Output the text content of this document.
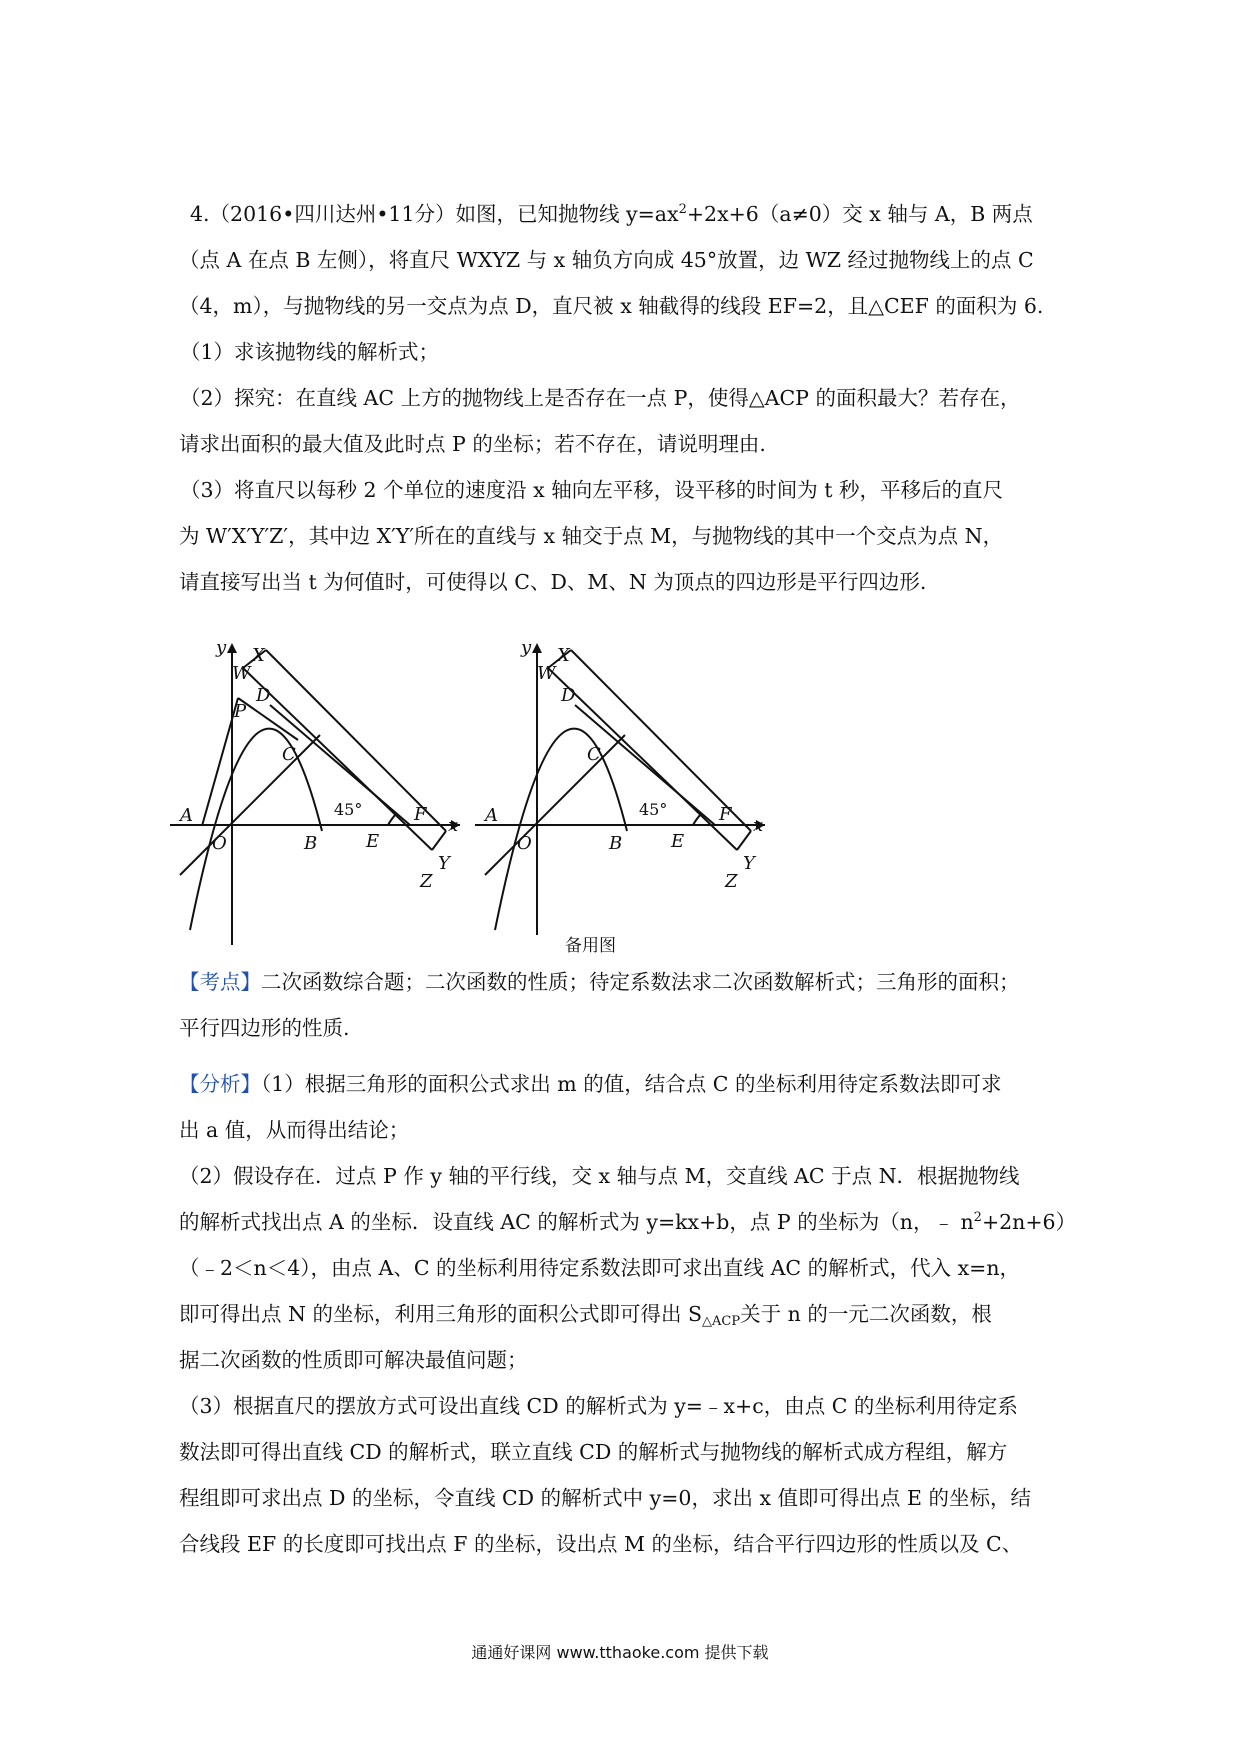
4.（2016•四川达州•11分）如图，已知抛物线 $y=ax^2+2x+6(a\ne 0)$交 x 轴与 A，B 两点
（点 A 在点 B 左侧），将直尺 WXYZ 与 x 轴负方向成 45°放置，边 WZ 经过抛物线上的点 C
（4，m），与抛物线的另一交点为点 D，直尺被 x 轴截得的线段 EF=2，且△CEF 的面积为 6.
（1）求该抛物线的解析式；
（2）探究：在直线 AC 上方的抛物线上是否存在一点 P，使得△ACP 的面积最大？若存在，
请求出面积的最大值及此时点 P 的坐标；若不存在，请说明理由.
（3）将直尺以每秒 2 个单位的速度沿 x 轴向左平移，设平移的时间为 t 秒，平移后的直尺
为 W′X′Y′Z′，其中边 X′Y′所在的直线与 x 轴交于点 M，与抛物线的其中一个交点为点 N，
请直接写出当 t 为何值时，可使得以 C、D、M、N 为顶点的四边形是平行四边形.
y X
W
D
P
C
A
O	B	E
F
x
Y
Z
45°
y X
W
D
C
A
O	B	E
F
x
Y
Z
45°
备用图
【考点】二次函数综合题；二次函数的性质；待定系数法求二次函数解析式；三角形的面积；
平行四边形的性质.
【分析】（1）根据三角形的面积公式求出 m 的值，结合点 C 的坐标利用待定系数法即可求
出 a 值，从而得出结论；
（2）假设存在．过点 P 作 y 轴的平行线，交 x 轴与点 M，交直线 AC 于点 N．根据抛物线
的解析式找出点 A 的坐标．设直线 AC 的解析式为 y=kx+b，点 P 的坐标为（n，﹣ $n^2+2n+6$）
（﹣2＜n＜4），由点 A、C 的坐标利用待定系数法即可求出直线 AC 的解析式，代入 x=n，
即可得出点 N 的坐标，利用三角形的面积公式即可得出 $S_{\triangle ACP}$关于 n 的一元二次函数，根
据二次函数的性质即可解决最值问题；
（3）根据直尺的摆放方式可设出直线 CD 的解析式为 y=﹣x+c，由点 C 的坐标利用待定系
数法即可得出直线 CD 的解析式，联立直线 CD 的解析式与抛物线的解析式成方程组，解方
程组即可求出点 D 的坐标，令直线 CD 的解析式中 y=0，求出 x 值即可得出点 E 的坐标，结
合线段 EF 的长度即可找出点 F 的坐标，设出点 M 的坐标，结合平行四边形的性质以及 C、
通通好课网 www.tthaoke.com 提供下载
